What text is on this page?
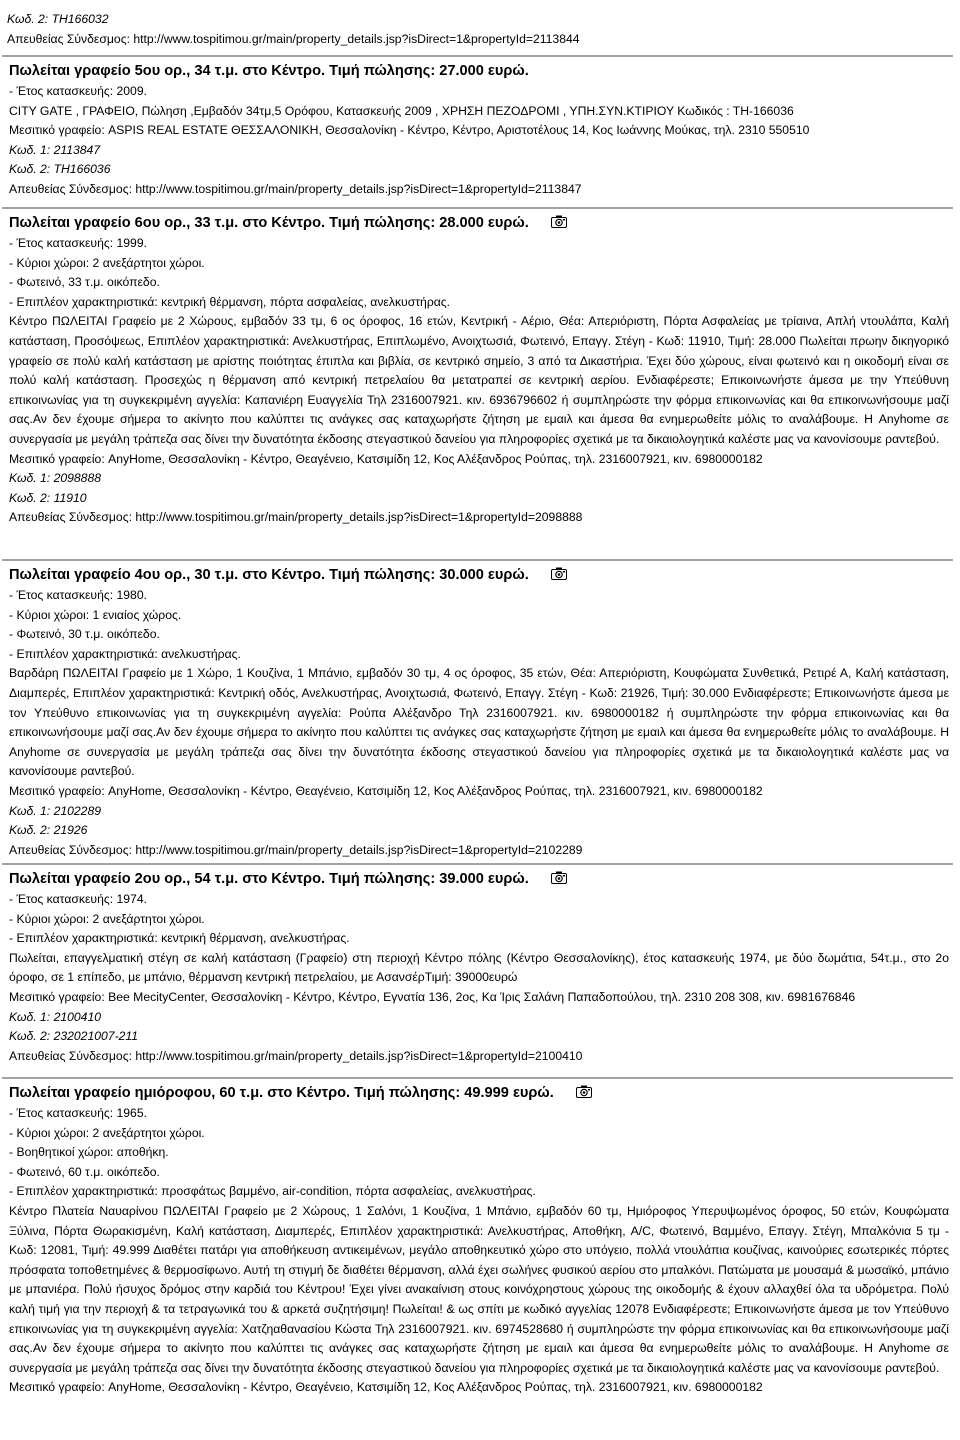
Κωδ. 2: ΤΗ166032
Απευθείας Σύνδεσμος: http://www.tospitimou.gr/main/property_details.jsp?isDirect=1&propertyId=2113844
Πωλείται γραφείο 5ου ορ., 34 τ.μ. στο Κέντρο. Τιμή πώλησης: 27.000 ευρώ.
- Έτος κατασκευής: 2009.
CITY GATE , ΓΡΑΦΕΙΟ, Πώληση ,Εμβαδόν 34τμ,5 Ορόφου, Κατασκευής 2009 , ΧΡΗΣΗ ΠΕΖΟΔΡΟΜΙ , ΥΠΗ.ΣΥΝ.ΚΤΙΡΙΟΥ Κωδικός : ΤΗ-166036
Μεσιτικό γραφείο: ASPIS REAL ESTATE ΘΕΣΣΑΛΟΝΙΚΗ, Θεσσαλονίκη - Κέντρο, Κέντρο, Αριστοτέλους 14, Κος Ιωάννης Μούκας, τηλ. 2310 550510
Κωδ. 1: 2113847
Κωδ. 2: ΤΗ166036
Απευθείας Σύνδεσμος: http://www.tospitimou.gr/main/property_details.jsp?isDirect=1&propertyId=2113847
Πωλείται γραφείο 6ου ορ., 33 τ.μ. στο Κέντρο. Τιμή πώλησης: 28.000 ευρώ.
- Έτος κατασκευής: 1999.
- Κύριοι χώροι: 2 ανεξάρτητοι χώροι.
- Φωτεινό, 33 τ.μ. οικόπεδο.
- Επιπλέον χαρακτηριστικά: κεντρική θέρμανση, πόρτα ασφαλείας, ανελκυστήρας.
Κέντρο ΠΩΛΕΙΤΑΙ Γραφείο με 2 Χώρους, εμβαδόν 33 τμ, 6 ος όροφος, 16 ετών, Κεντρική - Αέριο, Θέα: Απεριόριστη, Πόρτα Ασφαλείας με τρίαινα, Απλή ντουλάπα, Καλή κατάσταση, Προσόψεως, Επιπλέον χαρακτηριστικά: Ανελκυστήρας, Επιπλωμένο, Ανοιχτωσιά, Φωτεινό, Επαγγ. Στέγη - Κωδ: 11910, Τιμή: 28.000 Πωλείται πρωην δικηγορικό γραφείο σε πολύ καλή κατάσταση με αρίστης ποιότητας έπιπλα και βιβλία, σε κεντρικό σημείο, 3 από τα Δικαστήρια. Έχει δύο χώρους, είναι φωτεινό και η οικοδομή είναι σε πολύ καλή κατάσταση. Προσεχώς η θέρμανση από κεντρική πετρελαίου θα μετατραπεί σε κεντρική αερίου. Ενδιαφέρεστε; Επικοινωνήστε άμεσα με την Υπεύθυνη επικοινωνίας για τη συγκεκριμένη αγγελία: Καπανιέρη Ευαγγελία Τηλ 2316007921. κιν. 6936796602 ή συμπληρώστε την φόρμα επικοινωνίας και θα επικοινωνήσουμε μαζί σας.Αν δεν έχουμε σήμερα το ακίνητο που καλύπτει τις ανάγκες σας καταχωρήστε ζήτηση με εμαιλ και άμεσα θα ενημερωθείτε μόλις το αναλάβουμε. Η Anyhome σε συνεργασία με μεγάλη τράπεζα σας δίνει την δυνατότητα έκδοσης στεγαστικού δανείου για πληροφορίες σχετικά με τα δικαιολογητικά καλέστε μας να κανονίσουμε ραντεβού.
Μεσιτικό γραφείο: AnyHome, Θεσσαλονίκη - Κέντρο, Θεαγένειο, Κατσιμίδη 12, Κος Αλέξανδρος Ρούπας, τηλ. 2316007921, κιν. 6980000182
Κωδ. 1: 2098888
Κωδ. 2: 11910
Απευθείας Σύνδεσμος: http://www.tospitimou.gr/main/property_details.jsp?isDirect=1&propertyId=2098888
Πωλείται γραφείο 4ου ορ., 30 τ.μ. στο Κέντρο. Τιμή πώλησης: 30.000 ευρώ.
- Έτος κατασκευής: 1980.
- Κύριοι χώροι: 1 ενιαίος χώρος.
- Φωτεινό, 30 τ.μ. οικόπεδο.
- Επιπλέον χαρακτηριστικά: ανελκυστήρας.
Βαρδάρη ΠΩΛΕΙΤΑΙ Γραφείο με 1 Χώρο, 1 Κουζίνα, 1 Μπάνιο, εμβαδόν 30 τμ, 4 ος όροφος, 35 ετών, Θέα: Απεριόριστη, Κουφώματα Συνθετικά, Ρετιρέ Α, Καλή κατάσταση, Διαμπερές, Επιπλέον χαρακτηριστικά: Κεντρική οδός, Ανελκυστήρας, Ανοιχτωσιά, Φωτεινό, Επαγγ. Στέγη - Κωδ: 21926, Τιμή: 30.000 Ενδιαφέρεστε; Επικοινωνήστε άμεσα με τον Υπεύθυνο επικοινωνίας για τη συγκεκριμένη αγγελία: Ρούπα Αλέξανδρο Τηλ 2316007921. κιν. 6980000182 ή συμπληρώστε την φόρμα επικοινωνίας και θα επικοινωνήσουμε μαζί σας.Αν δεν έχουμε σήμερα το ακίνητο που καλύπτει τις ανάγκες σας καταχωρήστε ζήτηση με εμαιλ και άμεσα θα ενημερωθείτε μόλις το αναλάβουμε. Η Anyhome σε συνεργασία με μεγάλη τράπεζα σας δίνει την δυνατότητα έκδοσης στεγαστικού δανείου για πληροφορίες σχετικά με τα δικαιολογητικά καλέστε μας να κανονίσουμε ραντεβού.
Μεσιτικό γραφείο: AnyHome, Θεσσαλονίκη - Κέντρο, Θεαγένειο, Κατσιμίδη 12, Κος Αλέξανδρος Ρούπας, τηλ. 2316007921, κιν. 6980000182
Κωδ. 1: 2102289
Κωδ. 2: 21926
Απευθείας Σύνδεσμος: http://www.tospitimou.gr/main/property_details.jsp?isDirect=1&propertyId=2102289
Πωλείται γραφείο 2ου ορ., 54 τ.μ. στο Κέντρο. Τιμή πώλησης: 39.000 ευρώ.
- Έτος κατασκευής: 1974.
- Κύριοι χώροι: 2 ανεξάρτητοι χώροι.
- Επιπλέον χαρακτηριστικά: κεντρική θέρμανση, ανελκυστήρας.
Πωλείται, επαγγελματική στέγη σε καλή κατάσταση (Γραφείο) στη περιοχή Κέντρο πόλης (Κέντρο Θεσσαλονίκης), έτος κατασκευής 1974, με δύο δωμάτια, 54τ.μ., στο 2ο όροφο, σε 1 επίπεδο, με μπάνιο, θέρμανση κεντρική πετρελαίου, με ΑσανσέρΤιμή: 39000ευρώ
Μεσιτικό γραφείο: Bee MecityCenter, Θεσσαλονίκη - Κέντρο, Κέντρο, Εγνατία 136, 2ος, Κα Ίρις Σαλάνη Παπαδοπούλου, τηλ. 2310 208 308, κιν. 6981676846
Κωδ. 1: 2100410
Κωδ. 2: 232021007-211
Απευθείας Σύνδεσμος: http://www.tospitimou.gr/main/property_details.jsp?isDirect=1&propertyId=2100410
Πωλείται γραφείο ημιόροφου, 60 τ.μ. στο Κέντρο. Τιμή πώλησης: 49.999 ευρώ.
- Έτος κατασκευής: 1965.
- Κύριοι χώροι: 2 ανεξάρτητοι χώροι.
- Βοηθητικοί χώροι: αποθήκη.
- Φωτεινό, 60 τ.μ. οικόπεδο.
- Επιπλέον χαρακτηριστικά: προσφάτως βαμμένο, air-condition, πόρτα ασφαλείας, ανελκυστήρας.
Κέντρο Πλατεία Ναυαρίνου ΠΩΛΕΙΤΑΙ Γραφείο με 2 Χώρους, 1 Σαλόνι, 1 Κουζίνα, 1 Μπάνιο, εμβαδόν 60 τμ, Ημιόροφος Υπερυψωμένος όροφος, 50 ετών, Κουφώματα Ξύλινα, Πόρτα Θωρακισμένη, Καλή κατάσταση, Διαμπερές, Επιπλέον χαρακτηριστικά: Ανελκυστήρας, Αποθήκη, A/C, Φωτεινό, Βαμμένο, Επαγγ. Στέγη, Μπαλκόνια 5 τμ - Κωδ: 12081, Τιμή: 49.999 Διαθέτει πατάρι για αποθήκευση αντικειμένων, μεγάλο αποθηκευτικό χώρο στο υπόγειο, πολλά ντουλάπια κουζίνας, καινούριες εσωτερικές πόρτες πρόσφατα τοποθετημένες & θερμοσίφωνο. Αυτή τη στιγμή δε διαθέτει θέρμανση, αλλά έχει σωλήνες φυσικού αερίου στο μπαλκόνι. Πατώματα με μουσαμά & μωσαϊκό, μπάνιο με μπανιέρα. Πολύ ήσυχος δρόμος στην καρδιά του Κέντρου! Έχει γίνει ανακαίνιση στους κοινόχρηστους χώρους της οικοδομής & έχουν αλλαχθεί όλα τα υδρόμετρα. Πολύ καλή τιμή για την περιοχή & τα τετραγωνικά του & αρκετά συζητήσιμη! Πωλείται! & ως σπίτι με κωδικό αγγελίας 12078 Ενδιαφέρεστε; Επικοινωνήστε άμεσα με τον Υπεύθυνο επικοινωνίας για τη συγκεκριμένη αγγελία: Χατζηαθανασίου Κώστα Τηλ 2316007921. κιν. 6974528680 ή συμπληρώστε την φόρμα επικοινωνίας και θα επικοινωνήσουμε μαζί σας.Αν δεν έχουμε σήμερα το ακίνητο που καλύπτει τις ανάγκες σας καταχωρήστε ζήτηση με εμαιλ και άμεσα θα ενημερωθείτε μόλις το αναλάβουμε. Η Anyhome σε συνεργασία με μεγάλη τράπεζα σας δίνει την δυνατότητα έκδοσης στεγαστικού δανείου για πληροφορίες σχετικά με τα δικαιολογητικά καλέστε μας να κανονίσουμε ραντεβού.
Μεσιτικό γραφείο: AnyHome, Θεσσαλονίκη - Κέντρο, Θεαγένειο, Κατσιμίδη 12, Κος Αλέξανδρος Ρούπας, τηλ. 2316007921, κιν. 6980000182
